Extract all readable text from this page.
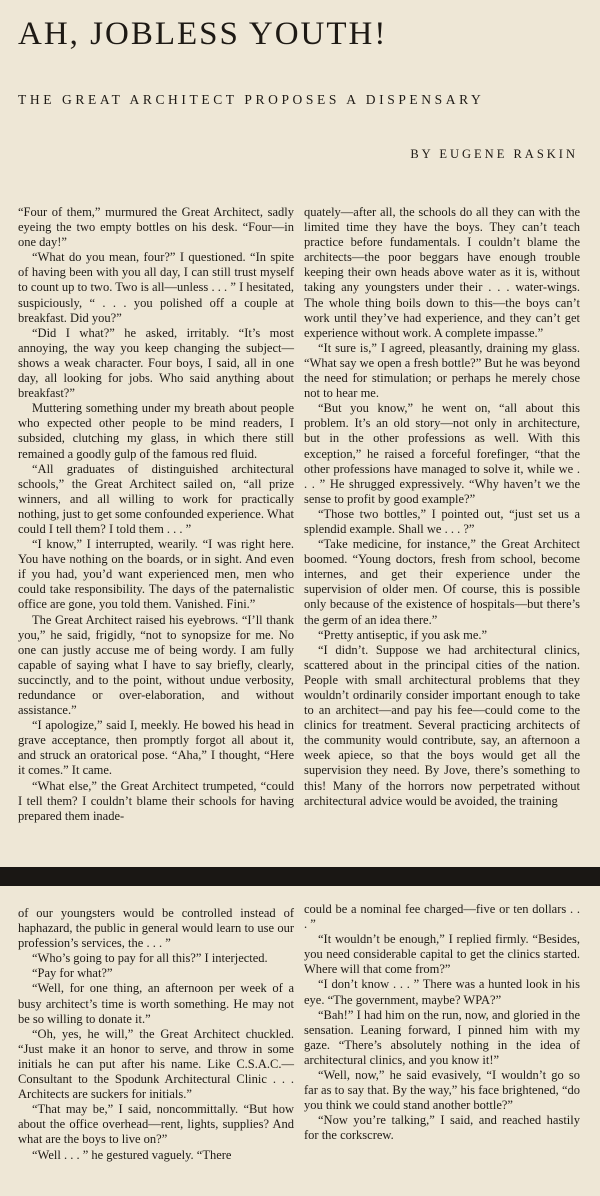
AH, JOBLESS YOUTH!
THE GREAT ARCHITECT PROPOSES A DISPENSARY
BY EUGENE RASKIN

“Four of them,” murmured the Great Architect, sadly eyeing the two empty bottles on his desk. “Four—in one day!”

“What do you mean, four?” I questioned. “In spite of having been with you all day, I can still trust myself to count up to two. Two is all—unless . . . ” I hesitated, suspiciously, “ . . . you polished off a couple at breakfast. Did you?”

“Did I what?” he asked, irritably. “It’s most annoying, the way you keep changing the subject—shows a weak character. Four boys, I said, all in one day, all looking for jobs. Who said anything about breakfast?”

Muttering something under my breath about people who expected other people to be mind readers, I subsided, clutching my glass, in which there still remained a goodly gulp of the famous red fluid.

“All graduates of distinguished architectural schools,” the Great Architect sailed on, “all prize winners, and all willing to work for practically nothing, just to get some confounded experience. What could I tell them? I told them . . . ”

“I know,” I interrupted, wearily. “I was right here. You have nothing on the boards, or in sight. And even if you had, you’d want experienced men, men who could take responsibility. The days of the paternalistic office are gone, you told them. Vanished. Fini.”

The Great Architect raised his eyebrows. “I’ll thank you,” he said, frigidly, “not to synopsize for me. No one can justly accuse me of being wordy. I am fully capable of saying what I have to say briefly, clearly, succinctly, and to the point, without undue verbosity, redundance or over-elaboration, and without assistance.”

“I apologize,” said I, meekly. He bowed his head in grave acceptance, then promptly forgot all about it, and struck an oratorical pose. “Aha,” I thought, “Here it comes.” It came.

“What else,” the Great Architect trumpeted, “could I tell them? I couldn’t blame their schools for having prepared them inade-

quately—after all, the schools do all they can with the limited time they have the boys. They can’t teach practice before fundamentals. I couldn’t blame the architects—the poor beggars have enough trouble keeping their own heads above water as it is, without taking any youngsters under their . . . water-wings. The whole thing boils down to this—the boys can’t work until they’ve had experience, and they can’t get experience without work. A complete impasse.”

“It sure is,” I agreed, pleasantly, draining my glass. “What say we open a fresh bottle?” But he was beyond the need for stimulation; or perhaps he merely chose not to hear me.

“But you know,” he went on, “all about this problem. It’s an old story—not only in architecture, but in the other professions as well. With this exception,” he raised a forceful forefinger, “that the other professions have managed to solve it, while we . . . ” He shrugged expressively. “Why haven’t we the sense to profit by good example?”

“Those two bottles,” I pointed out, “just set us a splendid example. Shall we . . . ?”

“Take medicine, for instance,” the Great Architect boomed. “Young doctors, fresh from school, become internes, and get their experience under the supervision of older men. Of course, this is possible only because of the existence of hospitals—but there’s the germ of an idea there.”

“Pretty antiseptic, if you ask me.”

“I didn’t. Suppose we had architectural clinics, scattered about in the principal cities of the nation. People with small architectural problems that they wouldn’t ordinarily consider important enough to take to an architect—and pay his fee—could come to the clinics for treatment. Several practicing architects of the community would contribute, say, an afternoon a week apiece, so that the boys would get all the supervision they need. By Jove, there’s something to this! Many of the horrors now perpetrated without architectural advice would be avoided, the training

of our youngsters would be controlled instead of haphazard, the public in general would learn to use our profession’s services, the . . . ”

“Who’s going to pay for all this?” I interjected.

“Pay for what?”

“Well, for one thing, an afternoon per week of a busy architect’s time is worth something. He may not be so willing to donate it.”

“Oh, yes, he will,” the Great Architect chuckled. “Just make it an honor to serve, and throw in some initials he can put after his name. Like C.S.A.C.—Consultant to the Spodunk Architectural Clinic . . . Architects are suckers for initials.”

“That may be,” I said, noncommittally. “But how about the office overhead—rent, lights, supplies? And what are the boys to live on?”

“Well . . . ” he gestured vaguely. “There

could be a nominal fee charged—five or ten dollars . . . ”

“It wouldn’t be enough,” I replied firmly. “Besides, you need considerable capital to get the clinics started. Where will that come from?”

“I don’t know . . . ” There was a hunted look in his eye. “The government, maybe? WPA?”

“Bah!” I had him on the run, now, and gloried in the sensation. Leaning forward, I pinned him with my gaze. “There’s absolutely nothing in the idea of architectural clinics, and you know it!”

“Well, now,” he said evasively, “I wouldn’t go so far as to say that. By the way,” his face brightened, “do you think we could stand another bottle?”

“Now you’re talking,” I said, and reached hastily for the corkscrew.
